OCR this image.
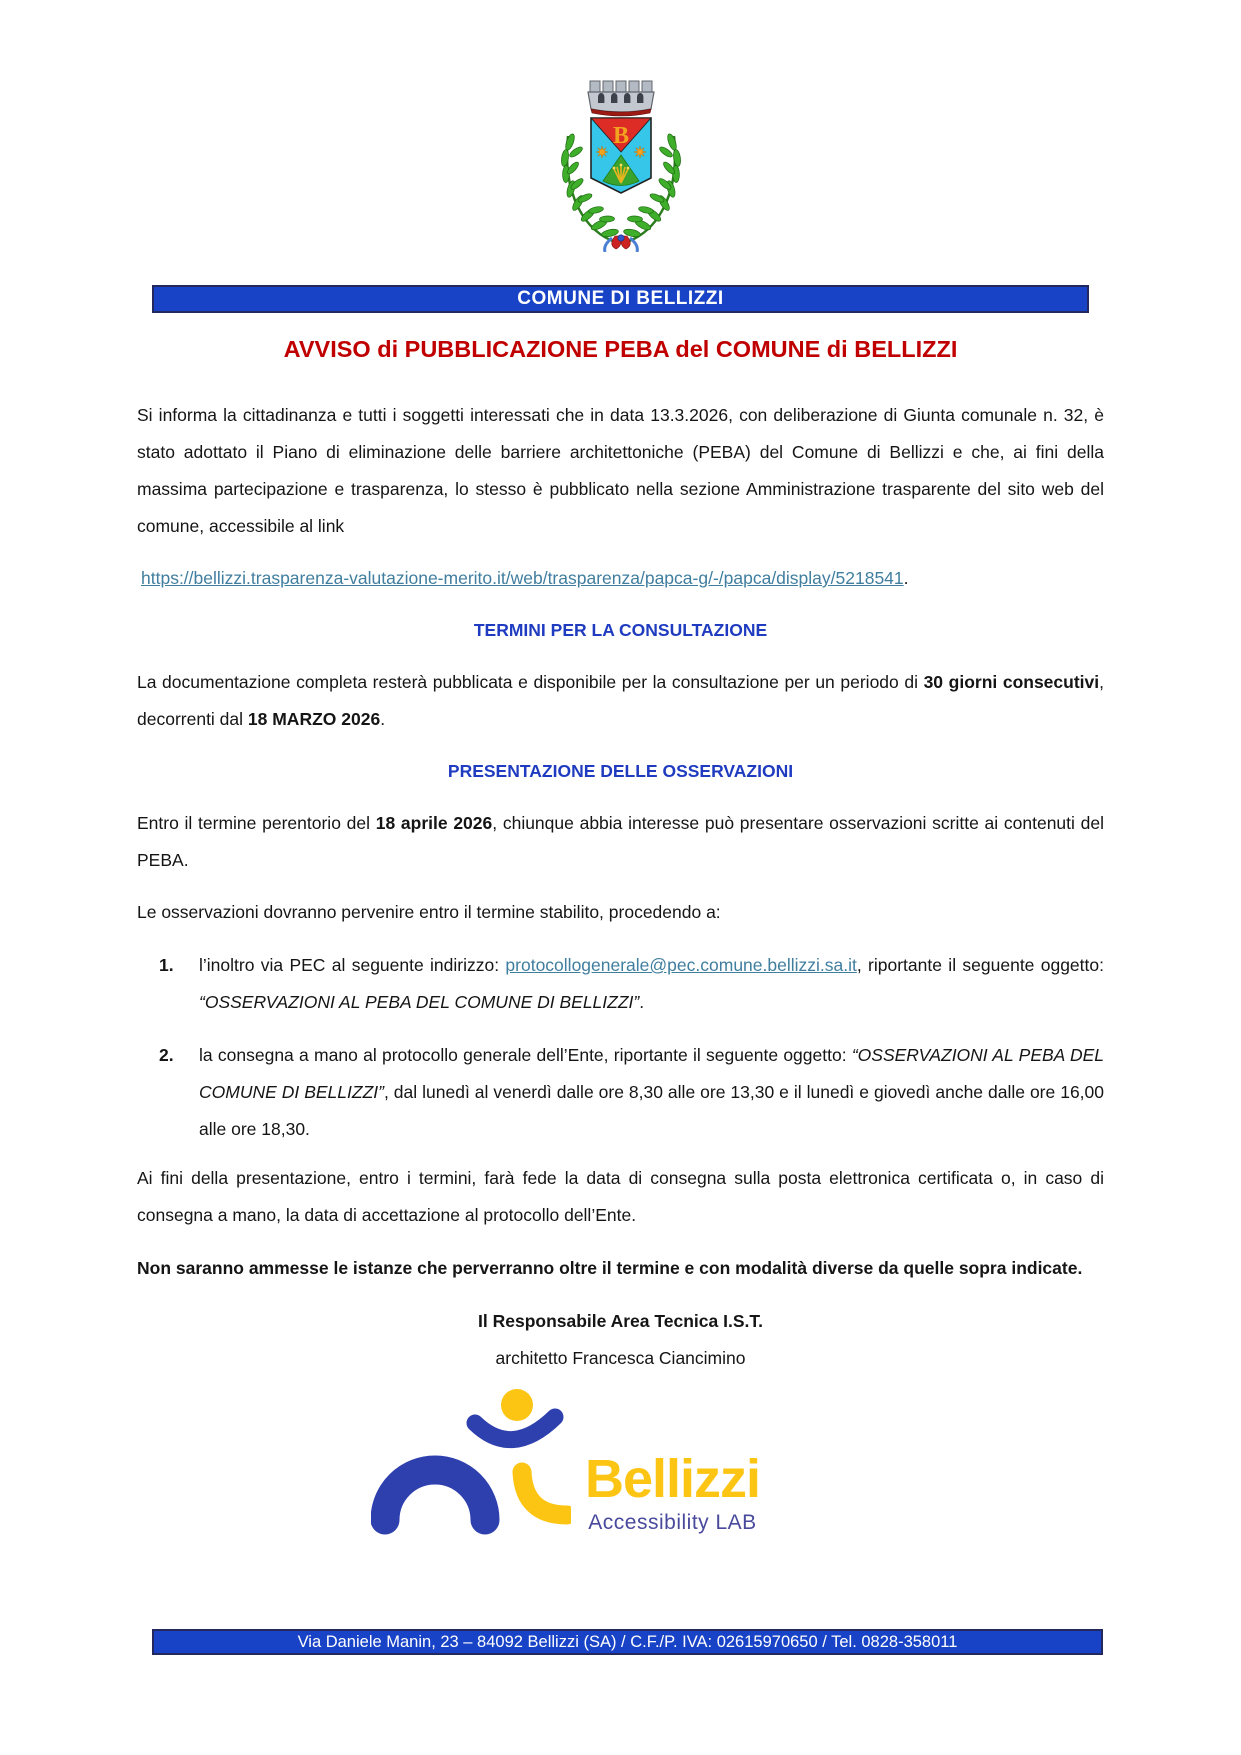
B
COMUNE DI BELLIZZI
AVVISO di PUBBLICAZIONE PEBA del COMUNE di BELLIZZI

Si informa la cittadinanza e tutti i soggetti interessati che in data 13.3.2026, con deliberazione di Giunta comunale n. 32, è stato adottato il Piano di eliminazione delle barriere architettoniche (PEBA) del Comune di Bellizzi e che, ai fini della massima partecipazione e trasparenza, lo stesso è pubblicato nella sezione Amministrazione trasparente del sito web del comune, accessibile al link

https://bellizzi.trasparenza-valutazione-merito.it/web/trasparenza/papca-g/-/papca/display/5218541.

TERMINI PER LA CONSULTAZIONE

La documentazione completa resterà pubblicata e disponibile per la consultazione per un periodo di 30 giorni consecutivi, decorrenti dal 18 MARZO 2026.

PRESENTAZIONE DELLE OSSERVAZIONI

Entro il termine perentorio del 18 aprile 2026, chiunque abbia interesse può presentare osservazioni scritte ai contenuti del PEBA.

Le osservazioni dovranno pervenire entro il termine stabilito, procedendo a:

1. l’inoltro via PEC al seguente indirizzo: protocollogenerale@pec.comune.bellizzi.sa.it, riportante il seguente oggetto: “OSSERVAZIONI AL PEBA DEL COMUNE DI BELLIZZI”.
2. la consegna a mano al protocollo generale dell’Ente, riportante il seguente oggetto: “OSSERVAZIONI AL PEBA DEL COMUNE DI BELLIZZI”, dal lunedì al venerdì dalle ore 8,30 alle ore 13,30 e il lunedì e giovedì anche dalle ore 16,00 alle ore 18,30.

Ai fini della presentazione, entro i termini, farà fede la data di consegna sulla posta elettronica certificata o, in caso di consegna a mano, la data di accettazione al protocollo dell’Ente.

Non saranno ammesse le istanze che perverranno oltre il termine e con modalità diverse da quelle sopra indicate.

Il Responsabile Area Tecnica I.S.T.
architetto Francesca Ciancimino
Bellizzi
Accessibility LAB
Via Daniele Manin, 23 – 84092 Bellizzi (SA) / C.F./P. IVA: 02615970650 / Tel. 0828-358011
